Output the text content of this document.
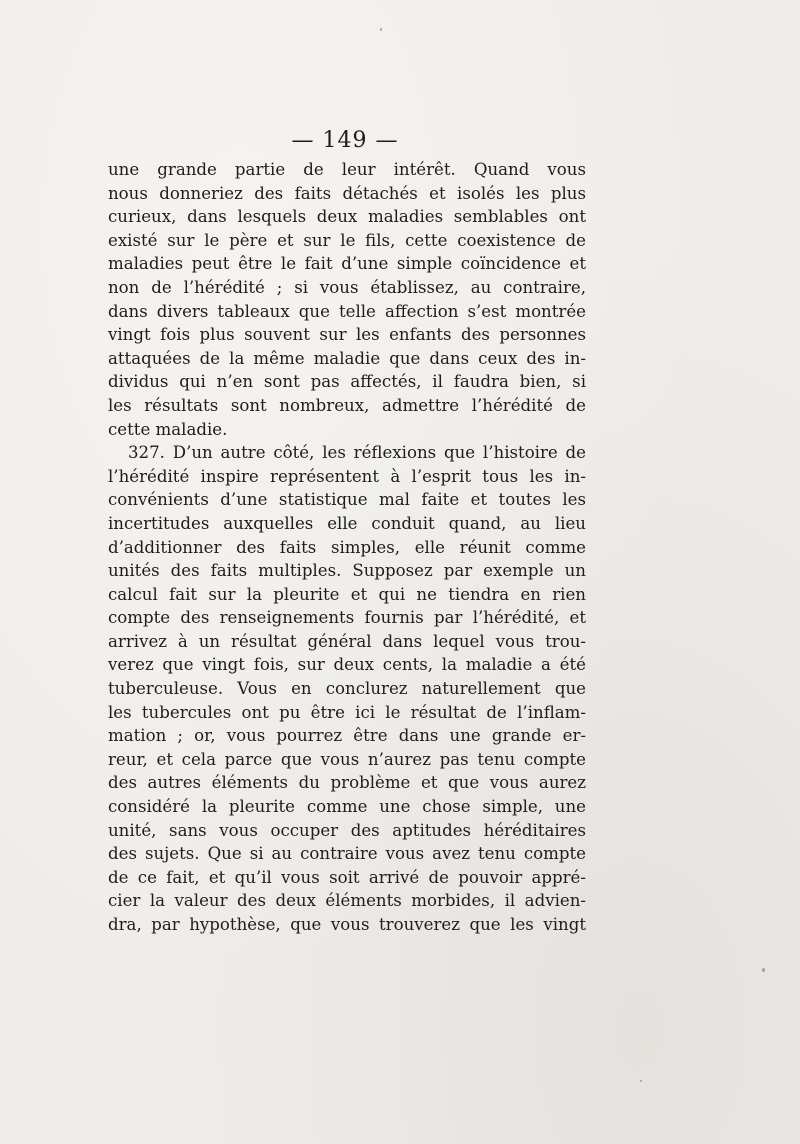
— 149 —
une grande partie de leur intérêt. Quand vous
nous donneriez des faits détachés et isolés les plus
curieux, dans lesquels deux maladies semblables ont
existé sur le père et sur le fils, cette coexistence de
maladies peut être le fait d’une simple coïncidence et
non de l’hérédité ; si vous établissez, au contraire,
dans divers tableaux que telle affection s’est montrée
vingt fois plus souvent sur les enfants des personnes
attaquées de la même maladie que dans ceux des in-
dividus qui n’en sont pas affectés, il faudra bien, si
les résultats sont nombreux, admettre l’hérédité de
cette maladie.
327. D’un autre côté, les réflexions que l’histoire de
l’hérédité inspire représentent à l’esprit tous les in-
convénients d’une statistique mal faite et toutes les
incertitudes auxquelles elle conduit quand, au lieu
d’additionner des faits simples, elle réunit comme
unités des faits multiples. Supposez par exemple un
calcul fait sur la pleurite et qui ne tiendra en rien
compte des renseignements fournis par l’hérédité, et
arrivez à un résultat général dans lequel vous trou-
verez que vingt fois, sur deux cents, la maladie a été
tuberculeuse. Vous en conclurez naturellement que
les tubercules ont pu être ici le résultat de l’inflam-
mation ; or, vous pourrez être dans une grande er-
reur, et cela parce que vous n’aurez pas tenu compte
des autres éléments du problème et que vous aurez
considéré la pleurite comme une chose simple, une
unité, sans vous occuper des aptitudes héréditaires
des sujets. Que si au contraire vous avez tenu compte
de ce fait, et qu’il vous soit arrivé de pouvoir appré-
cier la valeur des deux éléments morbides, il advien-
dra, par hypothèse, que vous trouverez que les vingt
